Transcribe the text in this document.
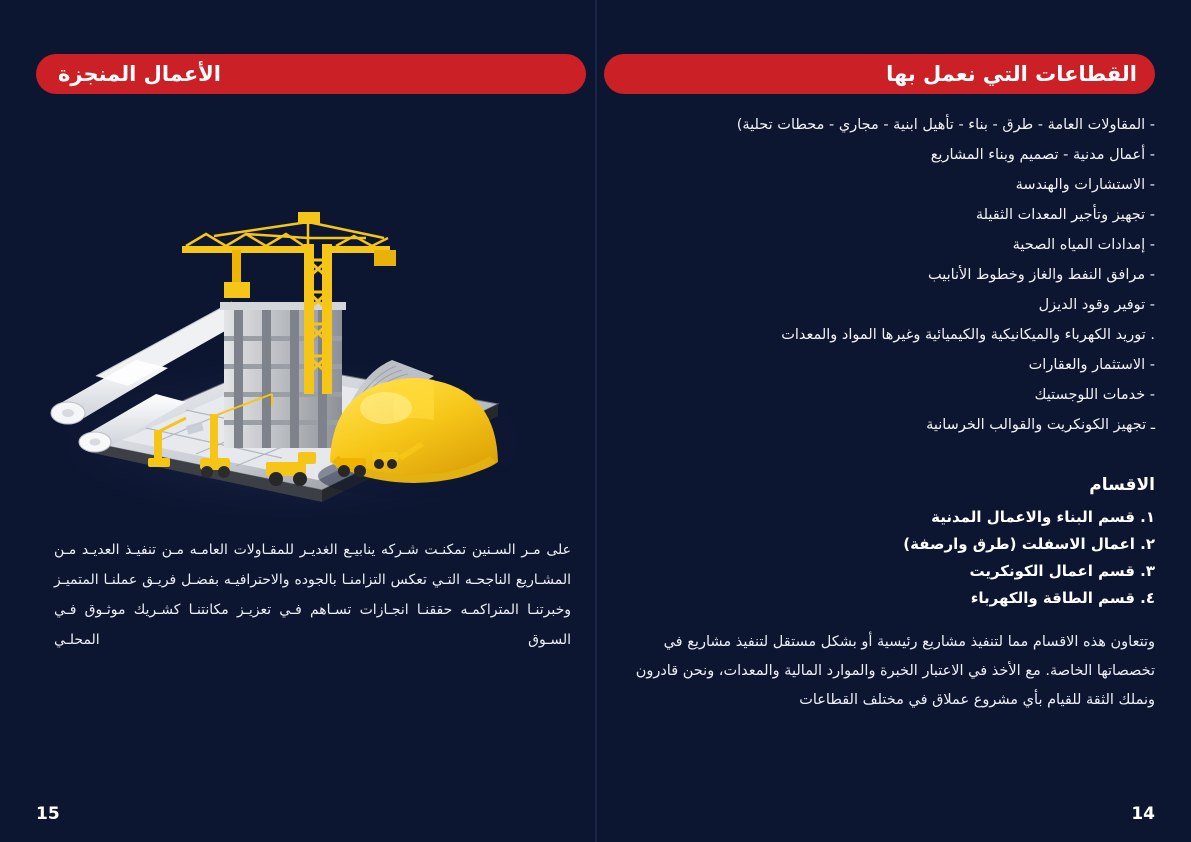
القطاعات التي نعمل بها
- المقاولات العامة - طرق - بناء - تأهيل ابنية - مجاري - محطات تحلية)
- أعمال مدنية - تصميم وبناء المشاريع
- الاستشارات والهندسة
- تجهيز وتأجير المعدات الثقيلة
- إمدادات المياه الصحية
- مرافق النفط والغاز وخطوط الأنابيب
- توفير وقود الديزل
. توريد الكهرباء والميكانيكية والكيميائية وغيرها المواد والمعدات
- الاستثمار والعقارات
- خدمات اللوجستيك
ـ تجهيز الكونكريت والقوالب الخرسانية
الاقسام
١. قسم البناء والاعمال المدنية
٢. اعمال الاسفلت (طرق وارصفة)
٣. قسم اعمال الكونكريت
٤. قسم الطاقة والكهرباء
وتتعاون هذه الاقسام مما لتنفيذ مشاريع رئيسية أو بشكل مستقل لتنفيذ مشاريع في تخصصاتها الخاصة. مع الأخذ في الاعتبار الخبرة والموارد المالية والمعدات، ونحن قادرون ونملك الثقة للقيام بأي مشروع عملاق في مختلف القطاعات
14
الأعمال المنجزة
على مـر السـنين تمكنـت شـركه ينابيـع الغديـر للمقـاولات العامـه مـن تنفيـذ العديـد مـن المشـاريع الناجحـه التـي تعكس التزامنـا بالجوده والاحترافيـه بفضـل فريـق عملنـا المتميـز وخبرتنـا المتراكمـه حققنـا انجـازات تسـاهم فـي تعزيـز مكانتنـا كشـريك موثـوق فـي السـوق المحلـي
15
